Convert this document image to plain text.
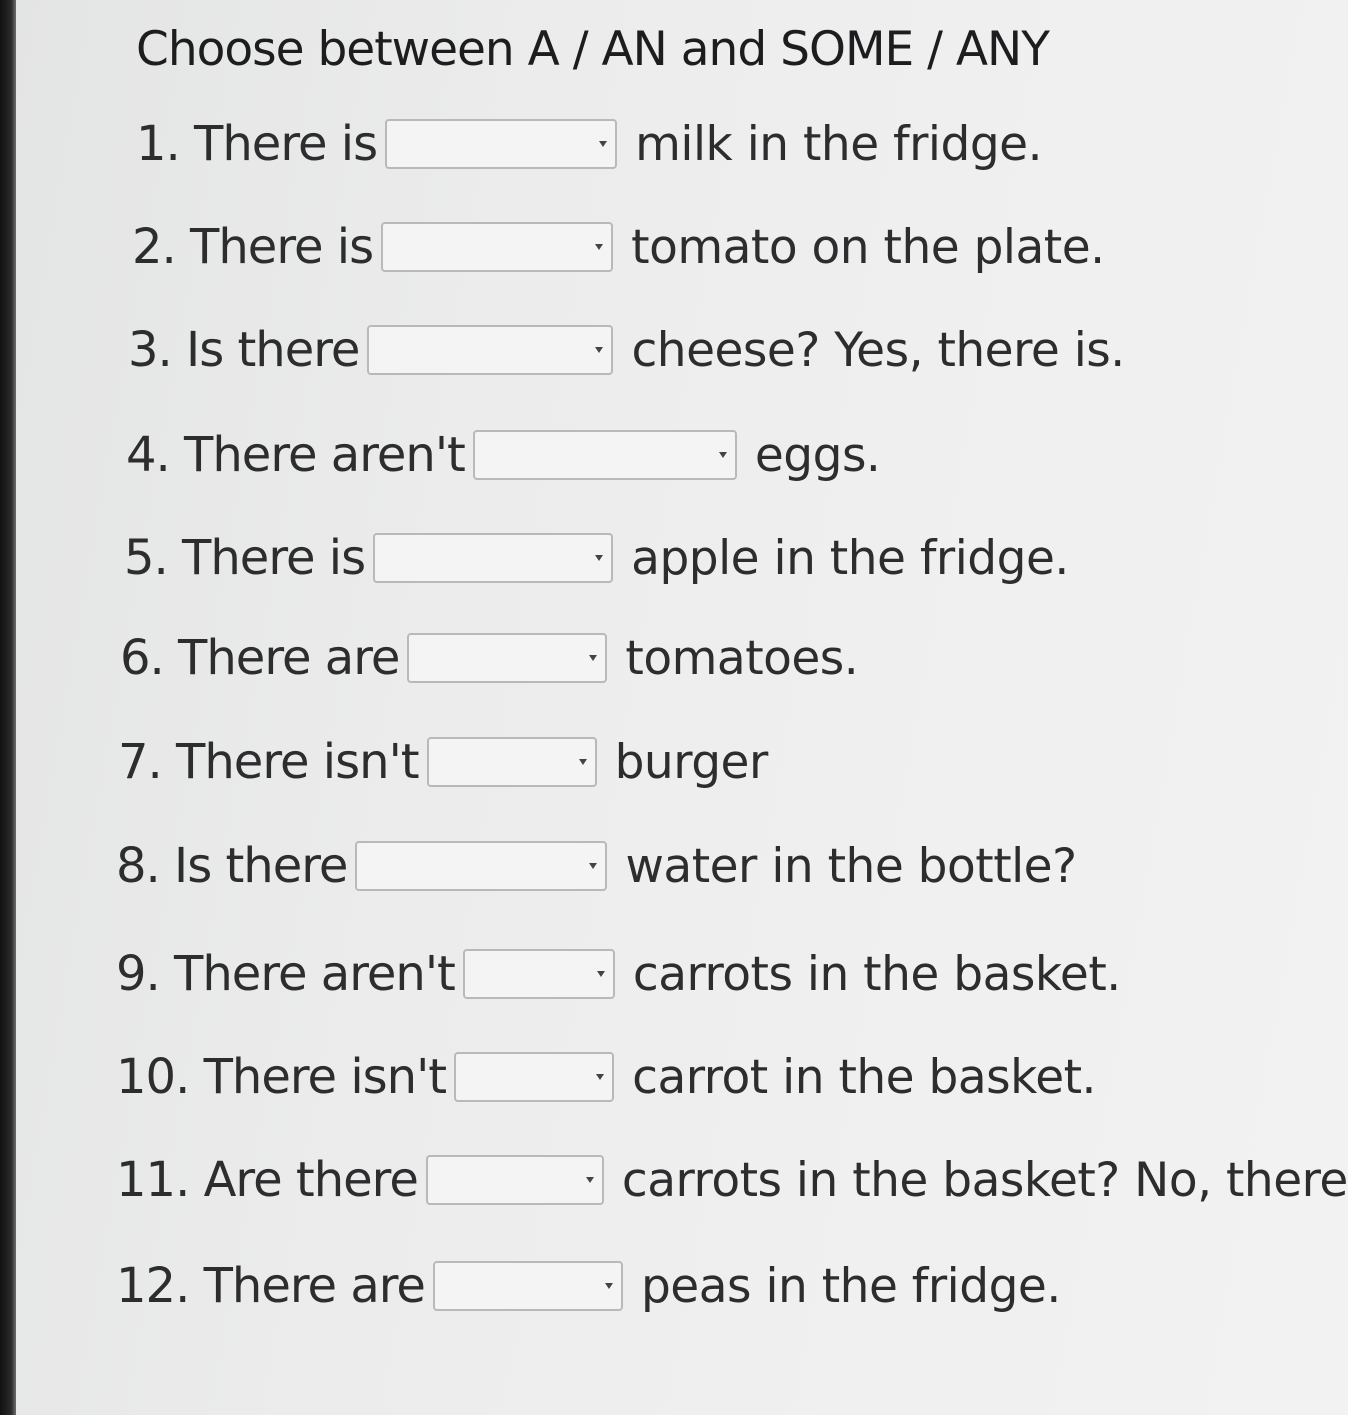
Choose between A / AN and SOME / ANY
1. There is	milk in the fridge.
2. There is	tomato on the plate.
3. Is there	cheese? Yes, there is.
4. There aren't	eggs.
5. There is	apple in the fridge.
6. There are	tomatoes.
7. There isn't	burger
8. Is there	water in the bottle?
9. There aren't	carrots in the basket.
10. There isn't	carrot in the basket.
11. Are there	carrots in the basket? No, there
12. There are	peas in the fridge.
